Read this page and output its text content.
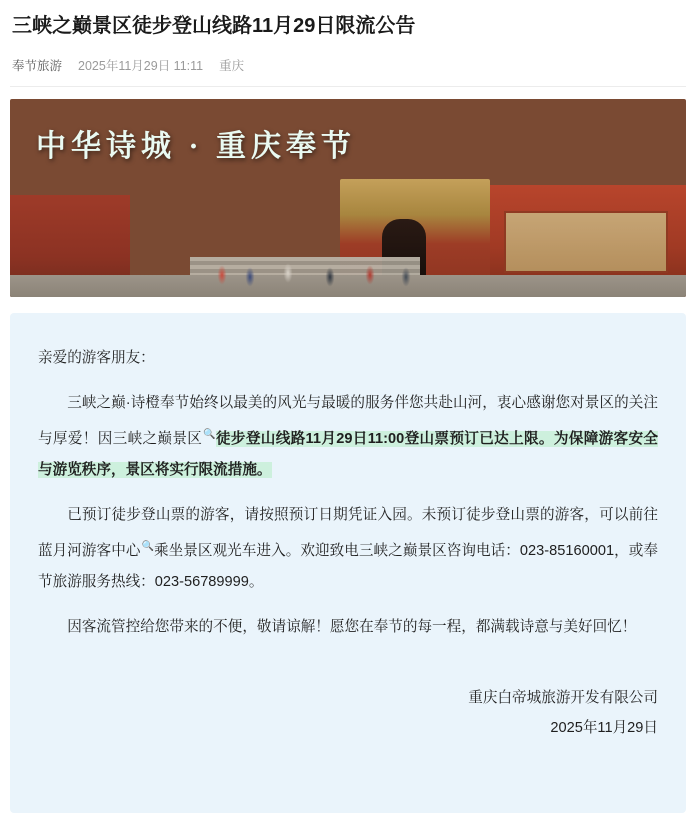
三峡之巅景区徒步登山线路11月29日限流公告
奉节旅游 2025年11月29日 11:11 重庆
中华诗城 · 重庆奉节

亲爱的游客朋友：

三峡之巅·诗橙奉节始终以最美的风光与最暖的服务伴您共赴山河，衷心感谢您对景区的关注与厚爱！因三峡之巅景区🔍徒步登山线路11月29日11:00登山票预订已达上限。为保障游客安全与游览秩序，景区将实行限流措施。

已预订徒步登山票的游客，请按照预订日期凭证入园。未预订徒步登山票的游客，可以前往蓝月河游客中心🔍乘坐景区观光车进入。欢迎致电三峡之巅景区咨询电话：023-85160001，或奉节旅游服务热线：023-56789999。

因客流管控给您带来的不便，敬请谅解！愿您在奉节的每一程，都满载诗意与美好回忆！

重庆白帝城旅游开发有限公司
2025年11月29日
